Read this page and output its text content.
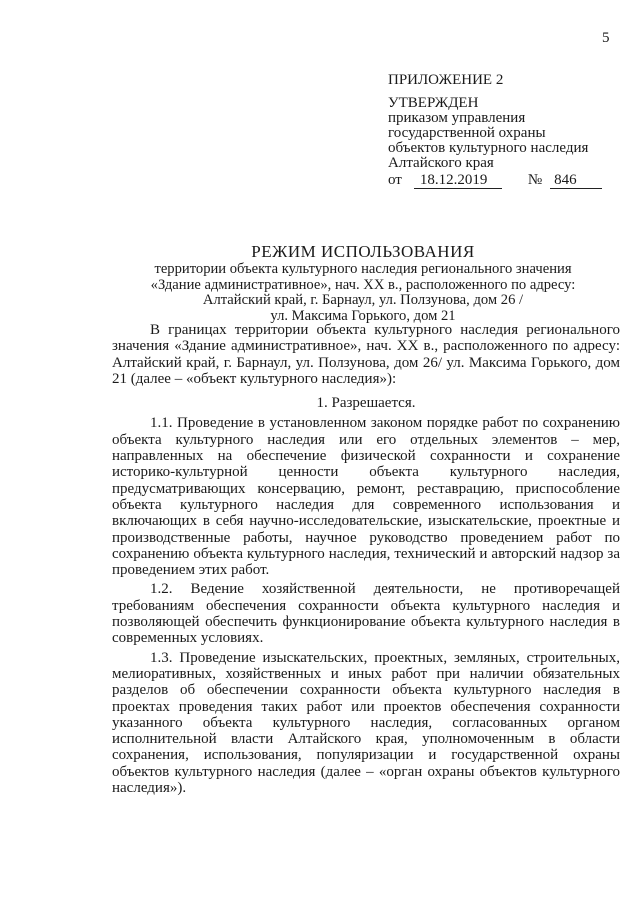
5
ПРИЛОЖЕНИЕ 2
УТВЕРЖДЕН
приказом управления
государственной охраны
объектов культурного наследия
Алтайского края
от 18.12.2019	№ 846
РЕЖИМ ИСПОЛЬЗОВАНИЯ
территории объекта культурного наследия регионального значения
«Здание административное», нач. XX в., расположенного по адресу:
Алтайский край, г. Барнаул, ул. Ползунова, дом 26 /
ул. Максима Горького, дом 21

В границах территории объекта культурного наследия регионального значения «Здание административное», нач. XX в., расположенного по адресу: Алтайский край, г. Барнаул, ул. Ползунова, дом 26/ ул. Максима Горького, дом 21 (далее – «объект культурного наследия»):

1. Разрешается.

1.1. Проведение в установленном законом порядке работ по сохранению объекта культурного наследия или его отдельных элементов – мер, направленных на обеспечение физической сохранности и сохранение историко-культурной ценности объекта культурного наследия, предусматривающих консервацию, ремонт, реставрацию, приспособление объекта культурного наследия для современного использования и включающих в себя научно-исследовательские, изыскательские, проектные и производственные работы, научное руководство проведением работ по сохранению объекта культурного наследия, технический и авторский надзор за проведением этих работ.

1.2. Ведение хозяйственной деятельности, не противоречащей требованиям обеспечения сохранности объекта культурного наследия и позволяющей обеспечить функционирование объекта культурного наследия в современных условиях.

1.3. Проведение изыскательских, проектных, земляных, строительных, мелиоративных, хозяйственных и иных работ при наличии обязательных разделов об обеспечении сохранности объекта культурного наследия в проектах проведения таких работ или проектов обеспечения сохранности указанного объекта культурного наследия, согласованных органом исполнительной власти Алтайского края, уполномоченным в области сохранения, использования, популяризации и государственной охраны объектов культурного наследия (далее – «орган охраны объектов культурного наследия»).
